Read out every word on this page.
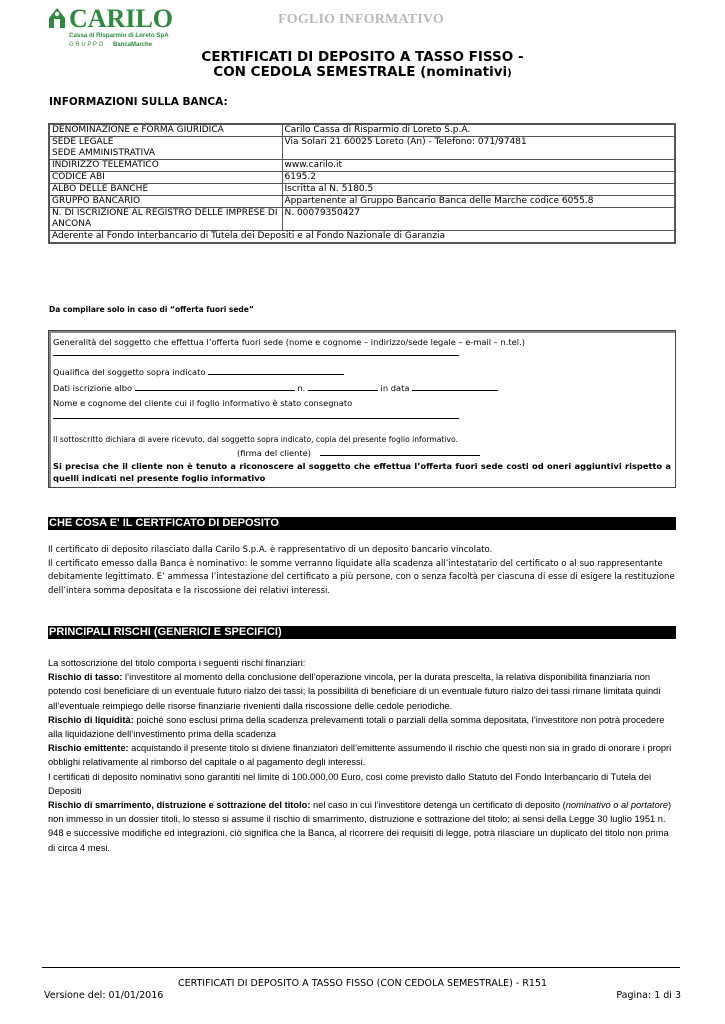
CARILO
Cassa di Risparmio di Loreto SpA
G R U P P O BancaMarche
FOGLIO INFORMATIVO
CERTIFICATI DI DEPOSITO A TASSO FISSO -
CON CEDOLA SEMESTRALE (nominativi)
INFORMAZIONI SULLA BANCA:
DENOMINAZIONE e FORMA GIURIDICA	Carilo Cassa di Risparmio di Loreto S.p.A.

SEDE LEGALE
SEDE AMMINISTRATIVA	Via Solari 21 60025 Loreto (An) - Telefono: 071/97481

INDIRIZZO TELEMATICO	www.carilo.it

CODICE ABI	6195.2

ALBO DELLE BANCHE	Iscritta al N. 5180.5

GRUPPO BANCARIO	Appartenente al Gruppo Bancario Banca delle Marche codice 6055.8

N. DI ISCRIZIONE AL REGISTRO DELLE IMPRESE DI
ANCONA	N. 00079350427
Aderente al Fondo Interbancario di Tutela dei Depositi e al Fondo Nazionale di Garanzia	
Da compilare solo in caso di “offerta fuori sede”
Generalità del soggetto che effettua l’offerta fuori sede (nome e cognome – indirizzo/sede legale – e-mail – n.tel.)
Qualifica del soggetto sopra indicato
Dati iscrizione albo	n.	in data
Nome e cognome del cliente cui il foglio informativo è stato consegnato
Il sottoscritto dichiara di avere ricevuto, dal soggetto sopra indicato, copia del presente foglio informativo.
(firma del cliente)
Si precisa che il cliente non è tenuto a riconoscere al soggetto che effettua l’offerta fuori sede costi od oneri aggiuntivi rispetto a quelli indicati nel presente foglio informativo
CHE COSA E' IL CERTFICATO DI DEPOSITO

Il certificato di deposito rilasciato dalla Carilo S.p.A. è rappresentativo di un deposito bancario vincolato.

Il certificato emesso dalla Banca è nominativo: le somme verranno liquidate alla scadenza all’intestatario del certificato o al suo rappresentante debitamente legittimato. E’ ammessa l’intestazione del certificato a più persone, con o senza facoltà per ciascuna di esse di esigere la restituzione dell’intera somma depositata e la riscossione dei relativi interessi.

PRINCIPALI RISCHI (GENERICI E SPECIFICI)

La sottoscrizione del titolo comporta i seguenti rischi finanziari:

Rischio di tasso: l’investitore al momento della conclusione dell’operazione vincola, per la durata prescelta, la relativa disponibilità finanziaria non potendo così beneficiare di un eventuale futuro rialzo dei tassi; la possibilità di beneficiare di un eventuale futuro rialzo dei tassi rimane limitata quindi all’eventuale reimpiego delle risorse finanziarie rivenienti dalla riscossione delle cedole periodiche.

Rischio di liquidità: poiché sono esclusi prima della scadenza prelevamenti totali o parziali della somma depositata, l’investitore non potrà procedere alla liquidazione dell’investimento prima della scadenza

Rischio emittente: acquistando il presente titolo si diviene finanziatori dell’emittente assumendo il rischio che questi non sia in grado di onorare i propri obblighi relativamente al rimborso del capitale o al pagamento degli interessi.

I certificati di deposito nominativi sono garantiti nel limite di 100.000,00 Euro, così come previsto dallo Statuto del Fondo Interbancario di Tutela dei Depositi

Rischio di smarrimento, distruzione e sottrazione del titolo: nel caso in cui l’investitore detenga un certificato di deposito (nominativo o al portatore) non immesso in un dossier titoli, lo stesso si assume il rischio di smarrimento, distruzione e sottrazione del titolo; ai sensi della Legge 30 luglio 1951 n. 948 e successive modifiche ed integrazioni, ciò significa che la Banca, al ricorrere dei requisiti di legge, potrà rilasciare un duplicato del titolo non prima di circa 4 mesi.

CERTIFICATI DI DEPOSITO A TASSO FISSO (CON CEDOLA SEMESTRALE) - R151
Versione del: 01/01/2016	Pagina: 1 di 3
